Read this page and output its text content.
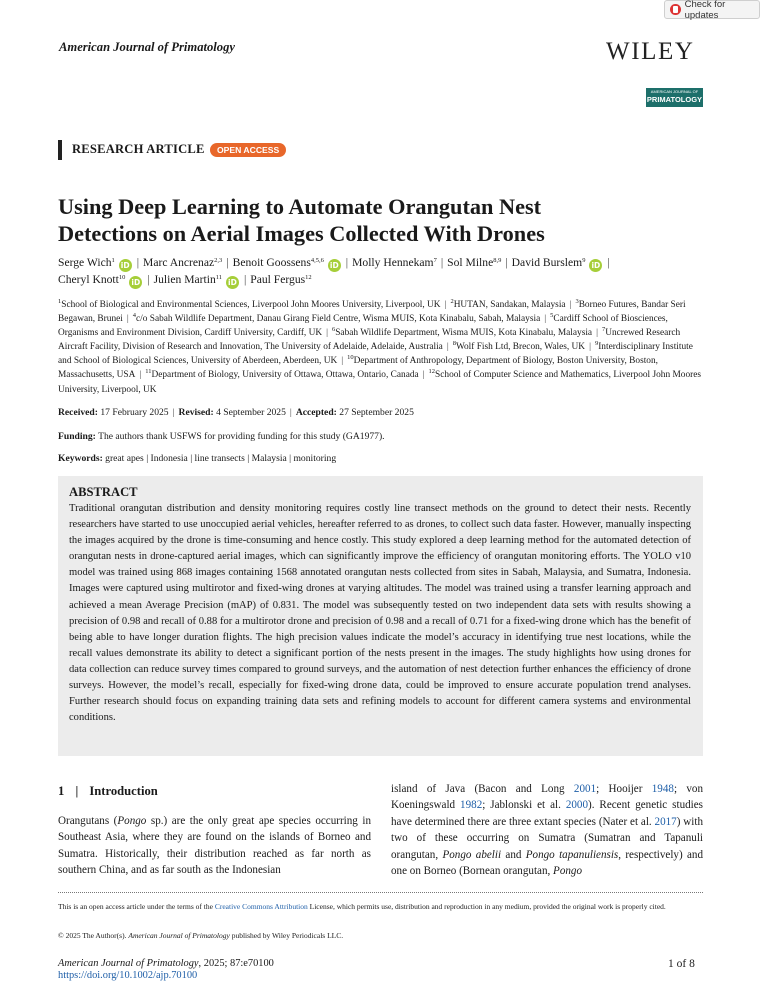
Check for updates
American Journal of Primatology	WILEY
AMERICAN JOURNAL OF
PRIMATOLOGY
RESEARCH ARTICLE	OPEN ACCESS
Using Deep Learning to Automate Orangutan Nest
Detections on Aerial Images Collected With Drones
Serge Wich$^1$ iD | Marc Ancrenaz$^{2,3}$ | Benoit Goossens$^{4,5,6}$ iD | Molly Hennekam$^7$ | Sol Milne$^{8,9}$ | David Burslem$^9$ iD |
Cheryl Knott$^{10}$ iD | Julien Martin$^{11}$ iD | Paul Fergus$^{12}$
$^1$School of Biological and Environmental Sciences, Liverpool John Moores University, Liverpool, UK | $^2$HUTAN, Sandakan, Malaysia | $^3$Borneo Futures, Bandar Seri Begawan, Brunei | $^4$c/o Sabah Wildlife Department, Danau Girang Field Centre, Wisma MUIS, Kota Kinabalu, Sabah, Malaysia | $^5$Cardiff School of Biosciences, Organisms and Environment Division, Cardiff University, Cardiff, UK | $^6$Sabah Wildlife Department, Wisma MUIS, Kota Kinabalu, Malaysia | $^7$Uncrewed Research Aircraft Facility, Division of Research and Innovation, The University of Adelaide, Adelaide, Australia | $^8$Wolf Fish Ltd, Brecon, Wales, UK | $^9$Interdisciplinary Institute and School of Biological Sciences, University of Aberdeen, Aberdeen, UK | $^{10}$Department of Anthropology, Department of Biology, Boston University, Boston, Massachusetts, USA | $^{11}$Department of Biology, University of Ottawa, Ottawa, Ontario, Canada | $^{12}$School of Computer Science and Mathematics, Liverpool John Moores University, Liverpool, UK
Received: 17 February 2025 | Revised: 4 September 2025 | Accepted: 27 September 2025
Funding: The authors thank USFWS for providing funding for this study (GA1977).
Keywords: great apes | Indonesia | line transects | Malaysia | monitoring
ABSTRACT

Traditional orangutan distribution and density monitoring requires costly line transect methods on the ground to detect their nests. Recently researchers have started to use unoccupied aerial vehicles, hereafter referred to as drones, to collect such data faster. However, manually inspecting the images acquired by the drone is time-consuming and hence costly. This study explored a deep learning method for the automated detection of orangutan nests in drone-captured aerial images, which can significantly improve the efficiency of orangutan monitoring efforts. The YOLO v10 model was trained using 868 images containing 1568 annotated orangutan nests collected from sites in Sabah, Malaysia, and Sumatra, Indonesia. Images were captured using multirotor and fixed-wing drones at varying altitudes. The model was trained using a transfer learning approach and achieved a mean Average Precision (mAP) of 0.831. The model was subsequently tested on two independent data sets with results showing a precision of 0.98 and recall of 0.88 for a multirotor drone and precision of 0.98 and a recall of 0.71 for a fixed-wing drone which has the benefit of being able to have longer duration flights. The high precision values indicate the model’s accuracy in identifying true nest locations, while the recall values demonstrate its ability to detect a significant portion of the nests present in the images. The study highlights how using drones for data collection can reduce survey times compared to ground surveys, and the automation of nest detection further enhances the efficiency of drone surveys. However, the model’s recall, especially for fixed-wing drone data, could be improved to ensure accurate population trend analyses. Further research should focus on expanding training data sets and refining models to account for different camera systems and environmental conditions.

1 | Introduction

Orangutans (Pongo sp.) are the only great ape species occurring in Southeast Asia, where they are found on the islands of Borneo and Sumatra. Historically, their distribution reached as far north as southern China, and as far south as the Indonesian

island of Java (Bacon and Long 2001; Hooijer 1948; von Koeningswald 1982; Jablonski et al. 2000). Recent genetic studies have determined there are three extant species (Nater et al. 2017) with two of these occurring on Sumatra (Sumatran and Tapanuli orangutan, Pongo abelii and Pongo tapanuliensis, respectively) and one on Borneo (Bornean orangutan, Pongo

This is an open access article under the terms of the Creative Commons Attribution License, which permits use, distribution and reproduction in any medium, provided the original work is properly cited.
© 2025 The Author(s). American Journal of Primatology published by Wiley Periodicals LLC.
American Journal of Primatology, 2025; 87:e70100
https://doi.org/10.1002/ajp.70100
1 of 8
